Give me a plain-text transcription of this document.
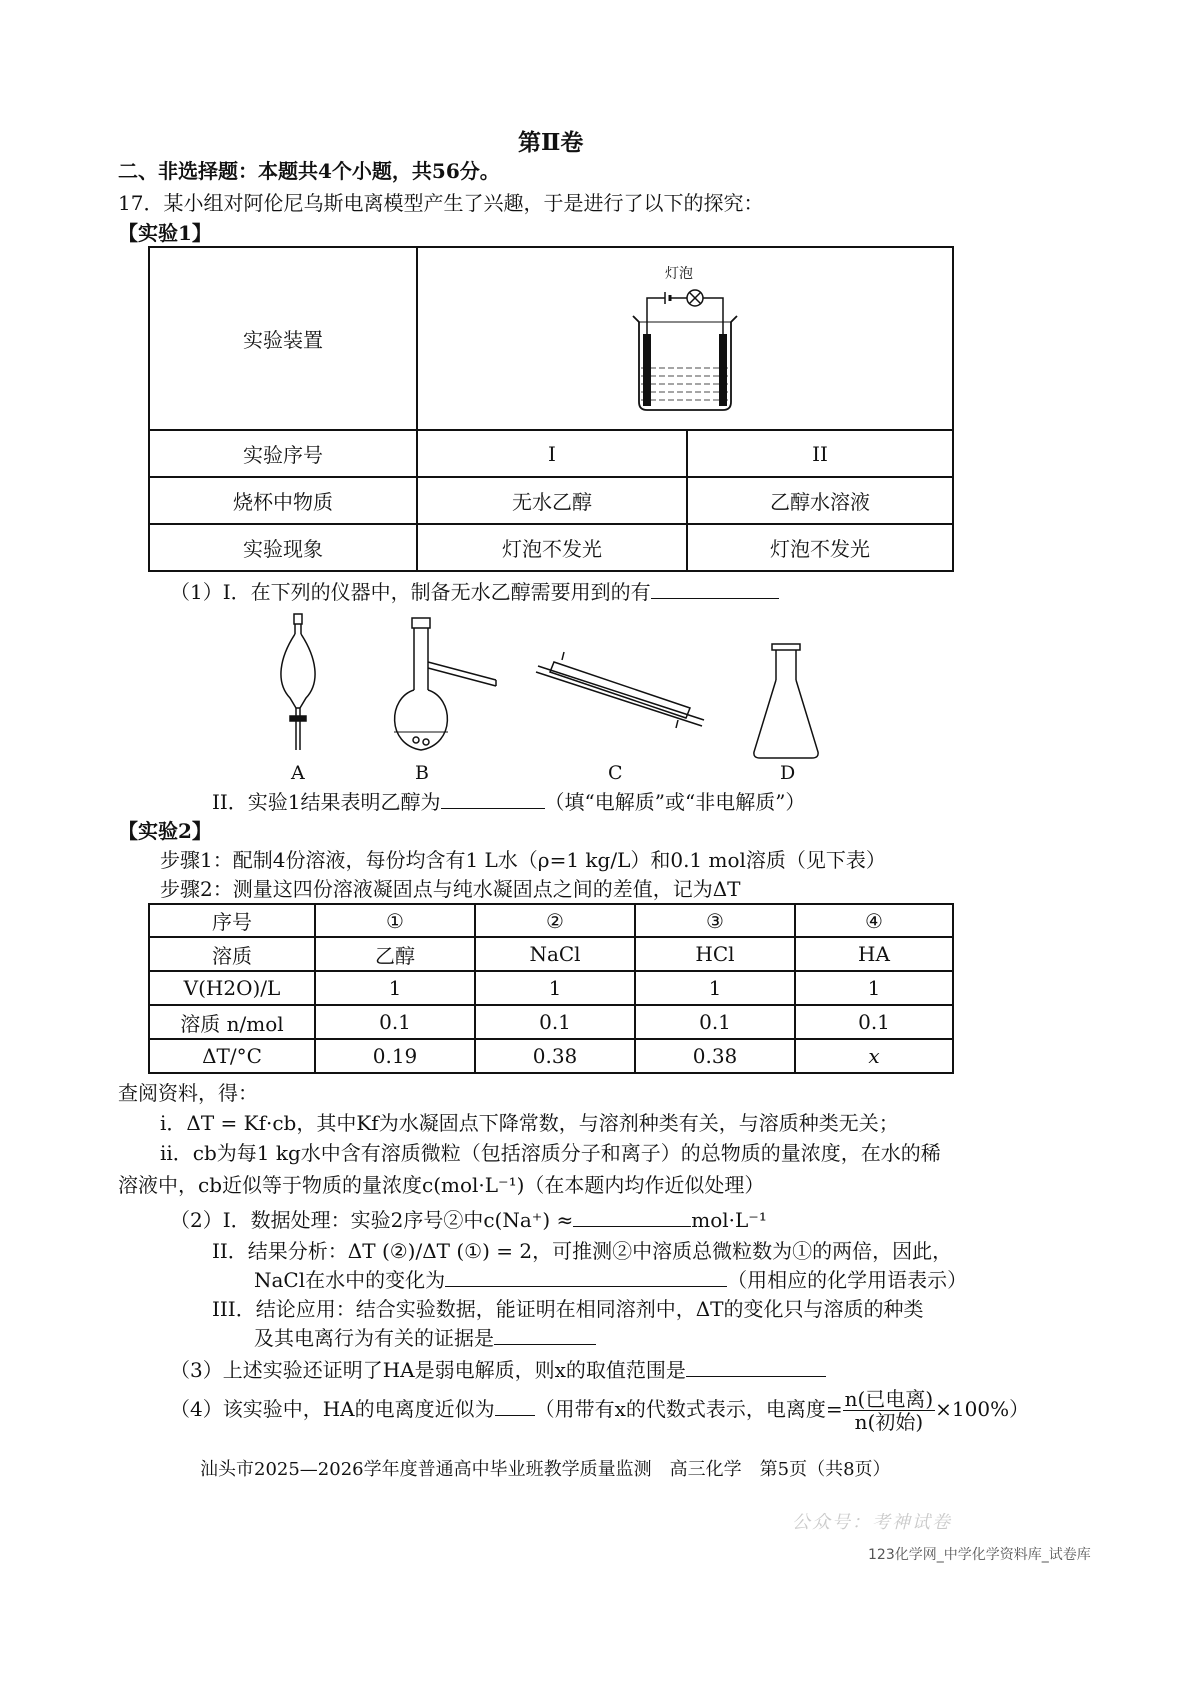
第Ⅱ卷
二、非选择题：本题共4个小题，共56分。
17．某小组对阿伦尼乌斯电离模型产生了兴趣，于是进行了以下的探究：
【实验1】
实验装置	灯泡	

实验序号	I	II
烧杯中物质	无水乙醇	乙醇水溶液
实验现象	灯泡不发光	灯泡不发光
（1）I．在下列的仪器中，制备无水乙醇需要用到的有
A	B	C	D
II．实验1结果表明乙醇为	（填“电解质”或“非电解质”）
【实验2】
步骤1：配制4份溶液，每份均含有1 L水（ρ=1 kg/L）和0.1 mol溶质（见下表）
步骤2：测量这四份溶液凝固点与纯水凝固点之间的差值，记为ΔT
序号	①	②	③	④
溶质	乙醇	NaCl	HCl	HA
V(H2O)/L	1	1	1	1
溶质 n/mol	0.1	0.1	0.1	0.1
ΔT/°C	0.19	0.38	0.38	x
查阅资料，得：
i．ΔT = Kf·cb，其中Kf为水凝固点下降常数，与溶剂种类有关，与溶质种类无关；
ii．cb为每1 kg水中含有溶质微粒（包括溶质分子和离子）的总物质的量浓度，在水的稀
溶液中，cb近似等于物质的量浓度c(mol·L⁻¹)（在本题内均作近似处理）
（2）I．数据处理：实验2序号②中c(Na⁺) ≈	mol·L⁻¹
II．结果分析：ΔT (②)/ΔT (①) = 2，可推测②中溶质总微粒数为①的两倍，因此，
NaCl在水中的变化为	（用相应的化学用语表示）
III．结论应用：结合实验数据，能证明在相同溶剂中，ΔT的变化只与溶质的种类
及其电离行为有关的证据是
（3）上述实验还证明了HA是弱电解质，则x的取值范围是
（4）该实验中，HA的电离度近似为 （用带有x的代数式表示，电离度= $\frac{\text{n(已电离)}}{\text{n(初始)}} \times 100\%$）
汕头市2025—2026学年度普通高中毕业班教学质量监测　高三化学　第5页（共8页）
公众号：考神试卷
123化学网_中学化学资料库_试卷库
